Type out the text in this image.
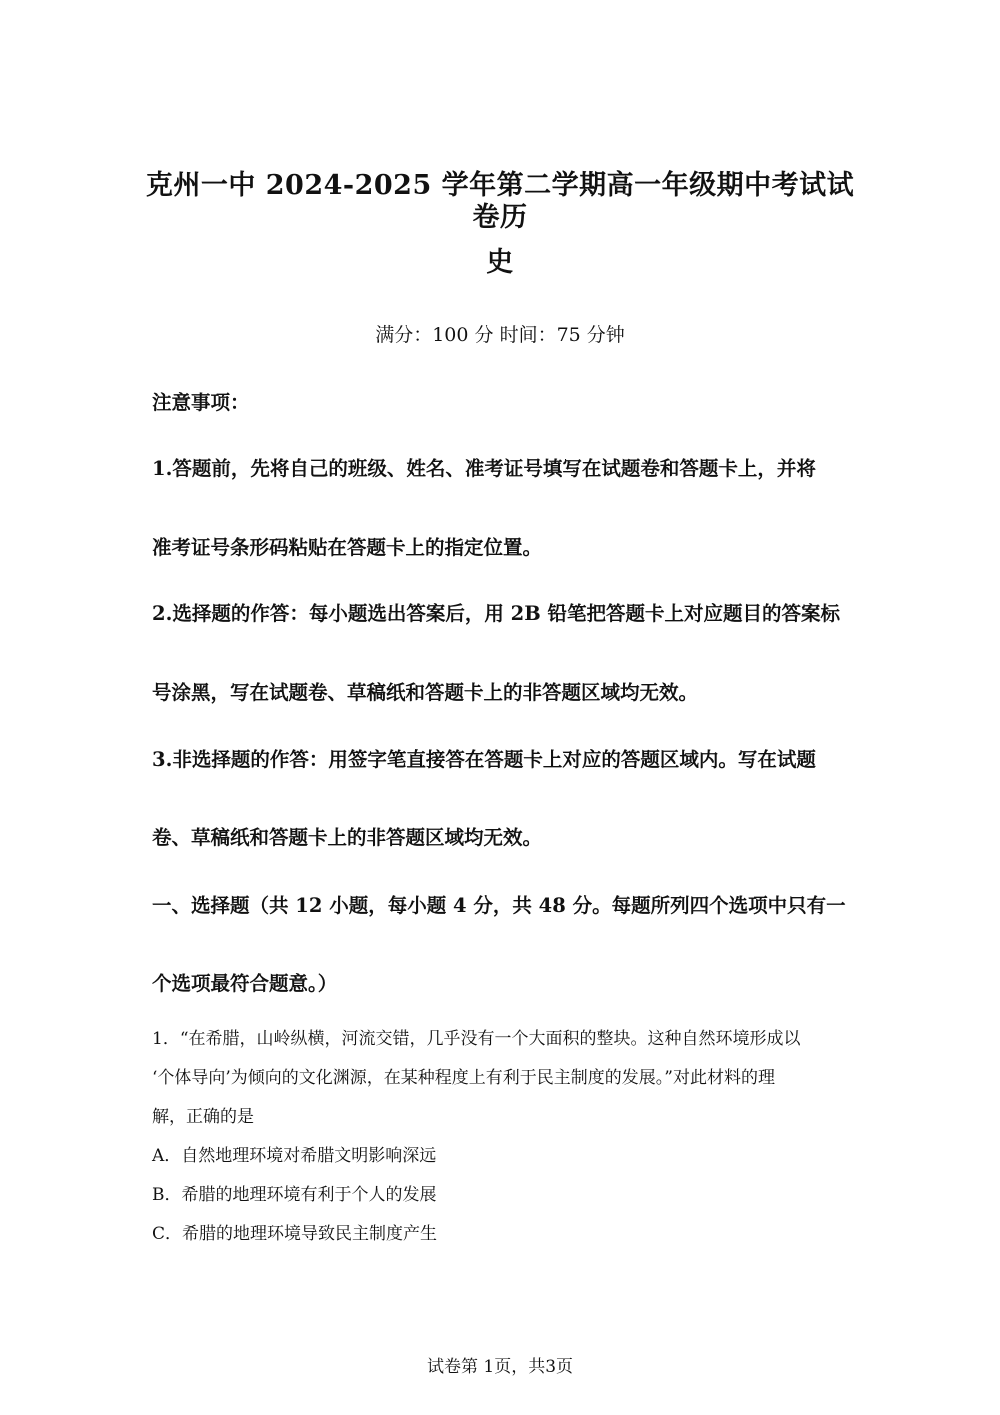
克州一中 2024-2025 学年第二学期高一年级期中考试试卷历
史
满分：100 分 时间：75 分钟
注意事项：
1.答题前，先将自己的班级、姓名、准考证号填写在试题卷和答题卡上，并将
准考证号条形码粘贴在答题卡上的指定位置。
2.选择题的作答：每小题选出答案后，用 2B 铅笔把答题卡上对应题目的答案标
号涂黑，写在试题卷、草稿纸和答题卡上的非答题区域均无效。
3.非选择题的作答：用签字笔直接答在答题卡上对应的答题区域内。写在试题
卷、草稿纸和答题卡上的非答题区域均无效。
一、选择题（共 12 小题，每小题 4 分，共 48 分。每题所列四个选项中只有一
个选项最符合题意。）
1．“在希腊，山岭纵横，河流交错，几乎没有一个大面积的整块。这种自然环境形成以
‘个体导向’为倾向的文化渊源，在某种程度上有利于民主制度的发展。”对此材料的理
解，正确的是
A．自然地理环境对希腊文明影响深远
B．希腊的地理环境有利于个人的发展
C．希腊的地理环境导致民主制度产生
试卷第 1页，共3页
